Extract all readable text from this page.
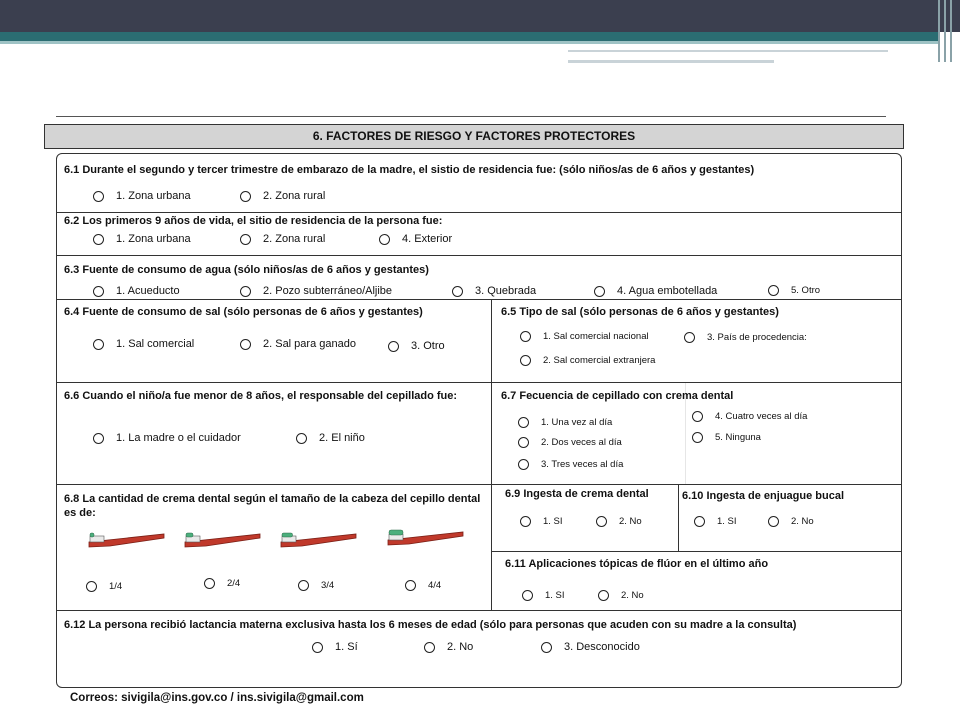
6. FACTORES DE RIESGO Y FACTORES PROTECTORES
6.1 Durante el segundo y tercer trimestre de embarazo de la madre, el sistio de residencia fue: (sólo niños/as de 6 años y gestantes)
1. Zona urbana	2. Zona rural
6.2 Los primeros 9 años de vida, el sitio de residencia de la persona fue:
1. Zona urbana	2. Zona rural	4. Exterior
6.3 Fuente de consumo de agua (sólo niños/as de 6 años y gestantes)
1. Acueducto	2. Pozo subterráneo/Aljibe	3. Quebrada	4. Agua embotellada	5. Otro
6.4 Fuente de consumo de sal (sólo personas de 6 años y gestantes)
1. Sal comercial	2. Sal para ganado	3. Otro
6.5 Tipo de sal (sólo personas de 6 años y gestantes)
1. Sal comercial nacional	3. País de procedencia:
2. Sal comercial extranjera
6.6 Cuando el niño/a fue menor de 8 años, el responsable del cepillado fue:
1. La madre o el cuidador	2. El niño
6.7 Fecuencia de cepillado con crema dental
1. Una vez al día
2. Dos veces al día
3. Tres veces al día
4. Cuatro veces al día
5. Ninguna
6.8 La cantidad de crema dental según el tamaño de la cabeza del cepillo dental es de:
1/4	2/4	3/4	4/4
6.9 Ingesta de crema dental
1. SI	2. No
6.10 Ingesta de enjuague bucal
1. SI	2. No
6.11 Aplicaciones tópicas de flúor en el último año
1. SI	2. No
6.12 La persona recibió lactancia materna exclusiva hasta los 6 meses de edad (sólo para personas que acuden con su madre a la consulta)
1. Sí	2. No	3. Desconocido
Correos: sivigila@ins.gov.co / ins.sivigila@gmail.com
